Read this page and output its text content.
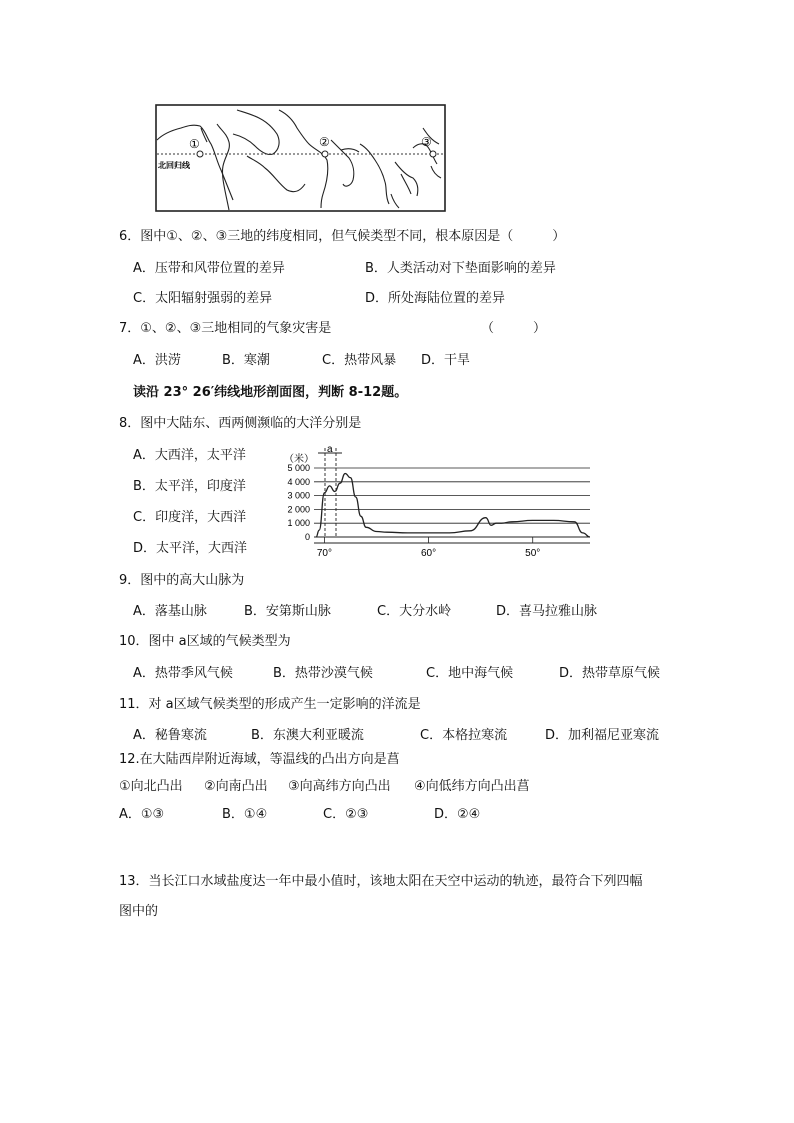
①	②	③
北回归线
6．图中①、②、③三地的纬度相同，但气候类型不同，根本原因是（　　　）
A．压带和风带位置的差异	B．人类活动对下垫面影响的差异
C．太阳辐射强弱的差异	D．所处海陆位置的差异
7．①、②、③三地相同的气象灾害是	（　　　）
A．洪涝	B．寒潮	C．热带风暴 D．干旱
读沿 23° 26′纬线地形剖面图，判断 8-12题。
8．图中大陆东、西两侧濒临的大洋分别是
A．大西洋，太平洋
B．太平洋，印度洋
C．印度洋，大西洋
D．太平洋，大西洋
（米）
0
1 000
2 000
3 000
4 000
5 000
70°	60°	50°
a
9．图中的高大山脉为
A．落基山脉	B．安第斯山脉	C．大分水岭	D．喜马拉雅山脉
10．图中 a区域的气候类型为
A．热带季风气候	B．热带沙漠气候	C．地中海气候	D．热带草原气候
11．对 a区域气候类型的形成产生一定影响的洋流是
A．秘鲁寒流	B．东澳大利亚暖流	C．本格拉寒流	D．加利福尼亚寒流
12.在大陆西岸附近海域，等温线的凸出方向是菖
①向北凸出 ②向南凸出 ③向高纬方向凸出 ④向低纬方向凸出菖
A．①③	B．①④	C．②③	D．②④
13．当长江口水域盐度达一年中最小值时，该地太阳在天空中运动的轨迹，最符合下列四幅
图中的
